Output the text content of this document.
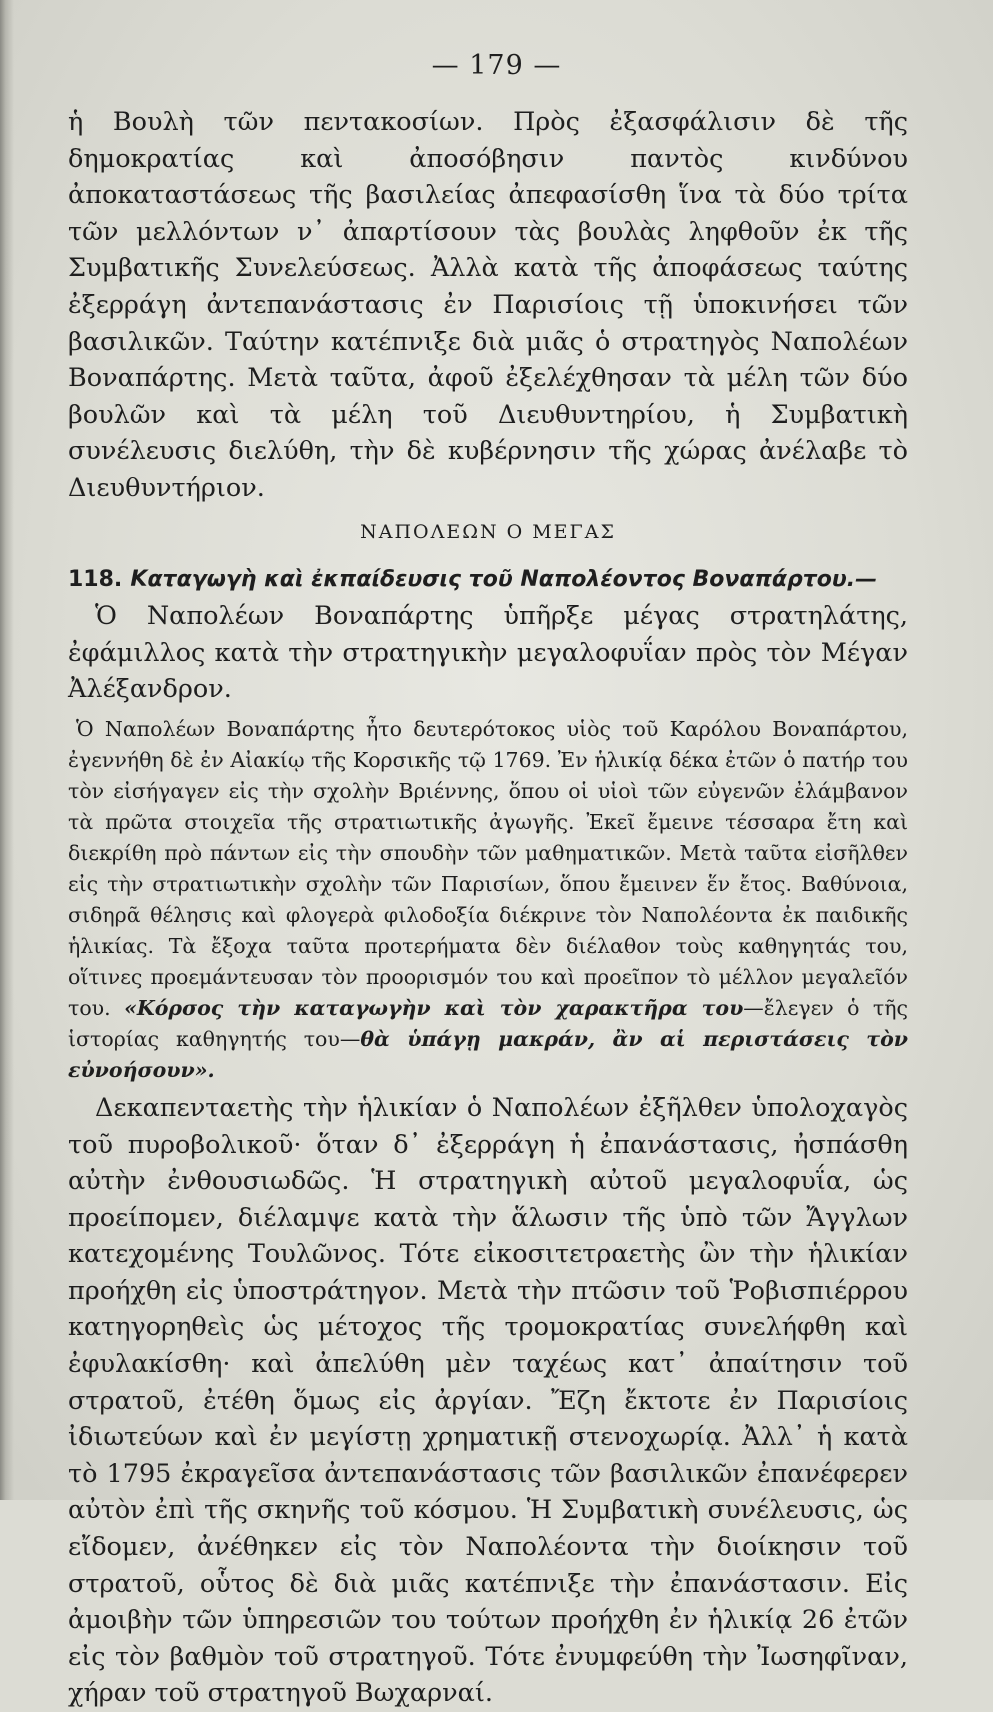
— 179 —

ἡ Βουλὴ τῶν πεντακοσίων. Πρὸς ἐξασφάλισιν δὲ τῆς δημοκρατίας καὶ ἀποσόβησιν παντὸς κινδύνου ἀποκαταστάσεως τῆς βασιλείας ἀπεφασίσθη ἵνα τὰ δύο τρίτα τῶν μελλόντων ν᾽ ἀπαρτίσουν τὰς βουλὰς ληφθοῦν ἐκ τῆς Συμβατικῆς Συνελεύσεως. Ἀλλὰ κατὰ τῆς ἀποφάσεως ταύτης ἐξερράγη ἀντεπανάστασις ἐν Παρισίοις τῇ ὑποκινήσει τῶν βασιλικῶν. Ταύτην κατέπνιξε διὰ μιᾶς ὁ στρατηγὸς Ναπολέων Βοναπάρτης. Μετὰ ταῦτα, ἀφοῦ ἐξελέχθησαν τὰ μέλη τῶν δύο βουλῶν καὶ τὰ μέλη τοῦ Διευθυντηρίου, ἡ Συμβατικὴ συνέλευσις διελύθη, τὴν δὲ κυβέρνησιν τῆς χώρας ἀνέλαβε τὸ Διευθυντήριον.

ΝΑΠΟΛΕΩΝ Ο ΜΕΓΑΣ

118. Καταγωγὴ καὶ ἐκπαίδευσις τοῦ Ναπολέοντος Βοναπάρτου.—

Ὁ Ναπολέων Βοναπάρτης ὑπῆρξε μέγας στρατηλάτης, ἐφάμιλλος κατὰ τὴν στρατηγικὴν μεγαλοφυΐαν πρὸς τὸν Μέγαν Ἀλέξανδρον.

Ὁ Ναπολέων Βοναπάρτης ἦτο δευτερότοκος υἱὸς τοῦ Καρόλου Βοναπάρτου, ἐγεννήθη δὲ ἐν Αἰακίῳ τῆς Κορσικῆς τῷ 1769. Ἐν ἡλικίᾳ δέκα ἐτῶν ὁ πατήρ του τὸν εἰσήγαγεν εἰς τὴν σχολὴν Βριέννης, ὅπου οἱ υἱοὶ τῶν εὐγενῶν ἐλάμβανον τὰ πρῶτα στοιχεῖα τῆς στρατιωτικῆς ἀγωγῆς. Ἐκεῖ ἔμεινε τέσσαρα ἔτη καὶ διεκρίθη πρὸ πάντων εἰς τὴν σπουδὴν τῶν μαθηματικῶν. Μετὰ ταῦτα εἰσῆλθεν εἰς τὴν στρατιωτικὴν σχολὴν τῶν Παρισίων, ὅπου ἔμεινεν ἕν ἔτος. Βαθύνοια, σιδηρᾶ θέλησις καὶ φλογερὰ φιλοδοξία διέκρινε τὸν Ναπολέοντα ἐκ παιδικῆς ἡλικίας. Τὰ ἔξοχα ταῦτα προτερήματα δὲν διέλαθον τοὺς καθηγητάς του, οἵτινες προεμάντευσαν τὸν προορισμόν του καὶ προεῖπον τὸ μέλλον μεγαλεῖόν του. «Κόρσος τὴν καταγωγὴν καὶ τὸν χαρακτῆρα του—ἔλεγεν ὁ τῆς ἱστορίας καθηγητής του—θὰ ὑπάγῃ μακράν, ἂν αἱ περιστάσεις τὸν εὐνοήσουν».

Δεκαπενταετὴς τὴν ἡλικίαν ὁ Ναπολέων ἐξῆλθεν ὑπολοχαγὸς τοῦ πυροβολικοῦ· ὅταν δ᾽ ἐξερράγη ἡ ἐπανάστασις, ἠσπάσθη αὐτὴν ἐνθουσιωδῶς. Ἡ στρατηγικὴ αὐτοῦ μεγαλοφυΐα, ὡς προείπομεν, διέλαμψε κατὰ τὴν ἅλωσιν τῆς ὑπὸ τῶν Ἄγγλων κατεχομένης Τουλῶνος. Τότε εἰκοσιτετραετὴς ὢν τὴν ἡλικίαν προήχθη εἰς ὑποστράτηγον. Μετὰ τὴν πτῶσιν τοῦ Ῥοβισπιέρρου κατηγορηθεὶς ὡς μέτοχος τῆς τρομοκρατίας συνελήφθη καὶ ἐφυλακίσθη· καὶ ἀπελύθη μὲν ταχέως κατ᾽ ἀπαίτησιν τοῦ στρατοῦ, ἐτέθη ὅμως εἰς ἀργίαν. Ἔζη ἔκτοτε ἐν Παρισίοις ἰδιωτεύων καὶ ἐν μεγίστῃ χρηματικῇ στενοχωρίᾳ. Ἀλλ᾽ ἡ κατὰ τὸ 1795 ἐκραγεῖσα ἀντεπανάστασις τῶν βασιλικῶν ἐπανέφερεν αὐτὸν ἐπὶ τῆς σκηνῆς τοῦ κόσμου. Ἡ Συμβατικὴ συνέλευσις, ὡς εἴδομεν, ἀνέθηκεν εἰς τὸν Ναπολέοντα τὴν διοίκησιν τοῦ στρατοῦ, οὗτος δὲ διὰ μιᾶς κατέπνιξε τὴν ἐπανάστασιν. Εἰς ἀμοιβὴν τῶν ὑπηρεσιῶν του τούτων προήχθη ἐν ἡλικίᾳ 26 ἐτῶν εἰς τὸν βαθμὸν τοῦ στρατηγοῦ. Τότε ἐνυμφεύθη τὴν Ἰωσηφῖναν, χήραν τοῦ στρατηγοῦ Βωχαρναί.
